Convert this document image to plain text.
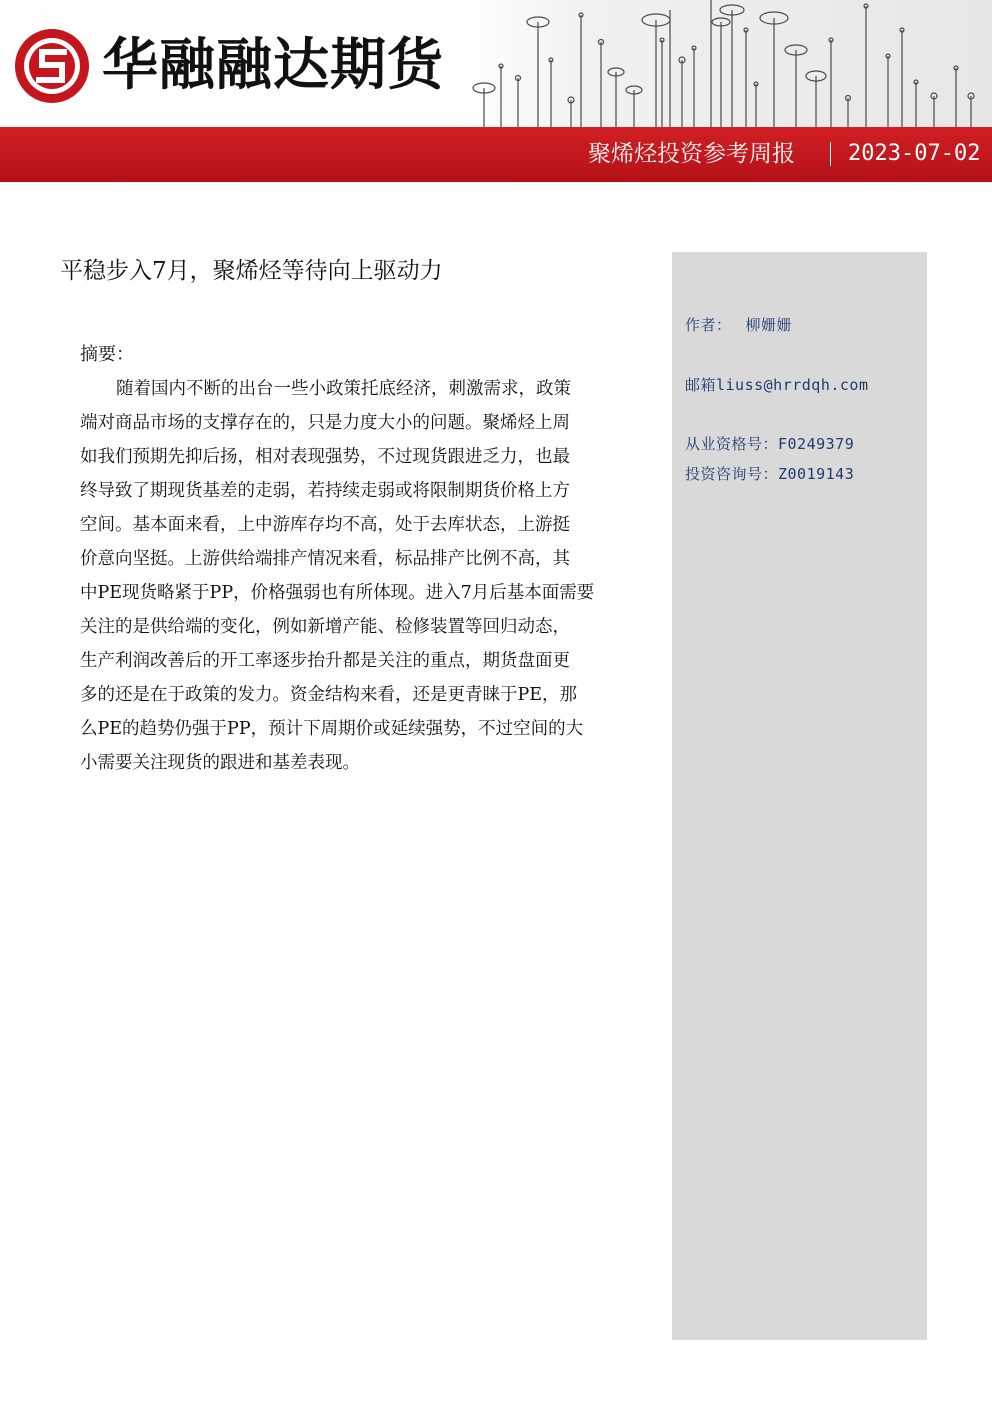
华融融达期货
聚烯烃投资参考周报 2023-07-02
作者： 柳姗姗
邮箱liuss@hrrdqh.com
从业资格号：F0249379
投资咨询号：Z0019143
平稳步入7月，聚烯烃等待向上驱动力
摘要：
随着国内不断的出台一些小政策托底经济，刺激需求，政策
端对商品市场的支撑存在的，只是力度大小的问题。聚烯烃上周
如我们预期先抑后扬，相对表现强势，不过现货跟进乏力，也最
终导致了期现货基差的走弱，若持续走弱或将限制期货价格上方
空间。基本面来看，上中游库存均不高，处于去库状态，上游挺
价意向坚挺。上游供给端排产情况来看，标品排产比例不高，其
中PE现货略紧于PP，价格强弱也有所体现。进入7月后基本面需要
关注的是供给端的变化，例如新增产能、检修装置等回归动态，
生产利润改善后的开工率逐步抬升都是关注的重点，期货盘面更
多的还是在于政策的发力。资金结构来看，还是更青睐于PE，那
么PE的趋势仍强于PP，预计下周期价或延续强势，不过空间的大
小需要关注现货的跟进和基差表现。
